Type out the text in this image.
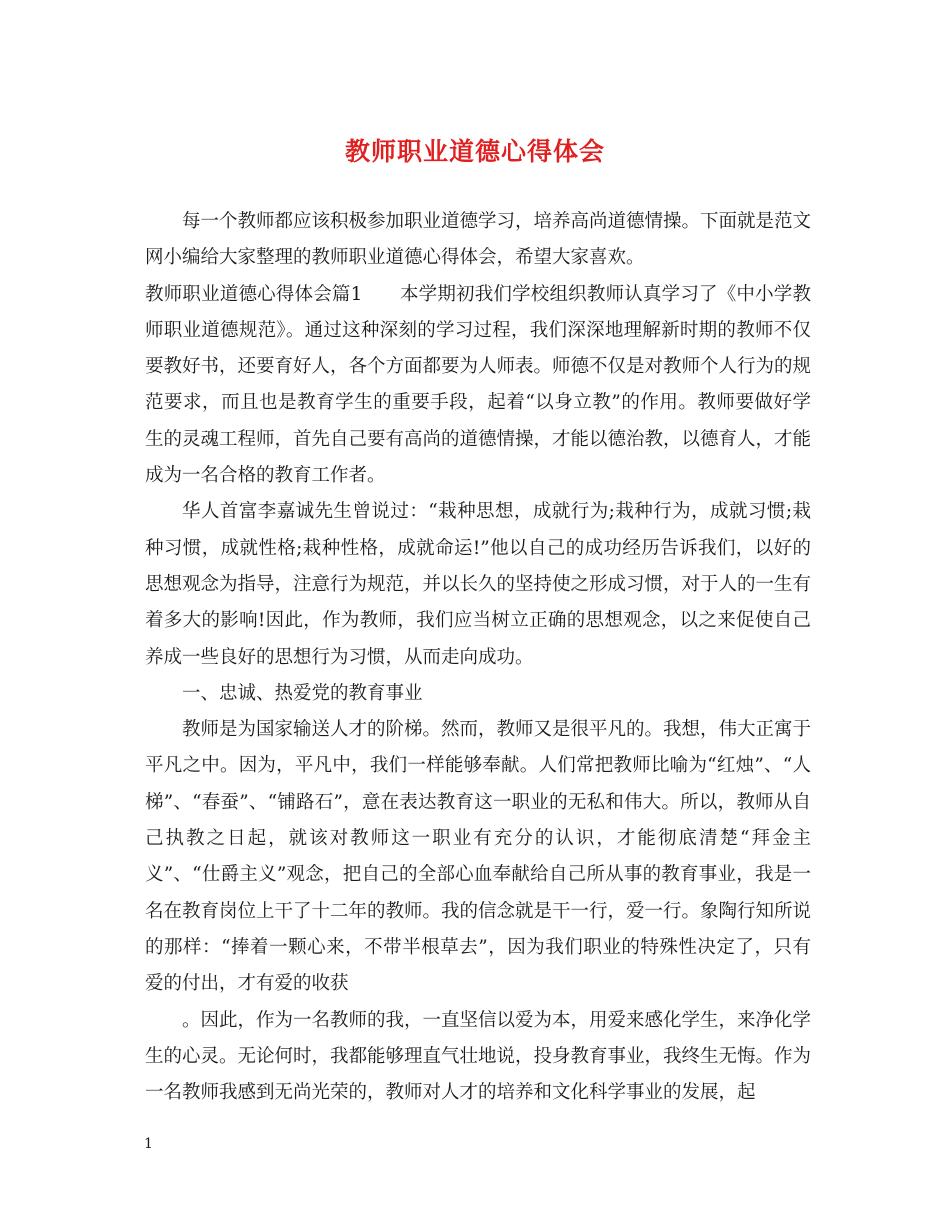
教师职业道德心得体会

每一个教师都应该积极参加职业道德学习，培养高尚道德情操。下面就是范文网小编给大家整理的教师职业道德心得体会，希望大家喜欢。

教师职业道德心得体会篇1　　本学期初我们学校组织教师认真学习了《中小学教师职业道德规范》。通过这种深刻的学习过程，我们深深地理解新时期的教师不仅要教好书，还要育好人，各个方面都要为人师表。师德不仅是对教师个人行为的规范要求，而且也是教育学生的重要手段，起着“以身立教”的作用。教师要做好学生的灵魂工程师，首先自己要有高尚的道德情操，才能以德治教，以德育人，才能成为一名合格的教育工作者。

华人首富李嘉诚先生曾说过：“栽种思想，成就行为;栽种行为，成就习惯;栽种习惯，成就性格;栽种性格，成就命运!”他以自己的成功经历告诉我们，以好的思想观念为指导，注意行为规范，并以长久的坚持使之形成习惯，对于人的一生有着多大的影响!因此，作为教师，我们应当树立正确的思想观念，以之来促使自己养成一些良好的思想行为习惯，从而走向成功。

一、忠诚、热爱党的教育事业

教师是为国家输送人才的阶梯。然而，教师又是很平凡的。我想，伟大正寓于平凡之中。因为，平凡中，我们一样能够奉献。人们常把教师比喻为“红烛”、“人梯”、“春蚕”、“铺路石”，意在表达教育这一职业的无私和伟大。所以，教师从自己执教之日起，就该对教师这一职业有充分的认识，才能彻底清楚“拜金主义”、“仕爵主义”观念，把自己的全部心血奉献给自己所从事的教育事业，我是一名在教育岗位上干了十二年的教师。我的信念就是干一行，爱一行。象陶行知所说的那样：“捧着一颗心来，不带半根草去”，因为我们职业的特殊性决定了，只有爱的付出，才有爱的收获

。因此，作为一名教师的我，一直坚信以爱为本，用爱来感化学生，来净化学生的心灵。无论何时，我都能够理直气壮地说，投身教育事业，我终生无悔。作为一名教师我感到无尚光荣的，教师对人才的培养和文化科学事业的发展，起

1
